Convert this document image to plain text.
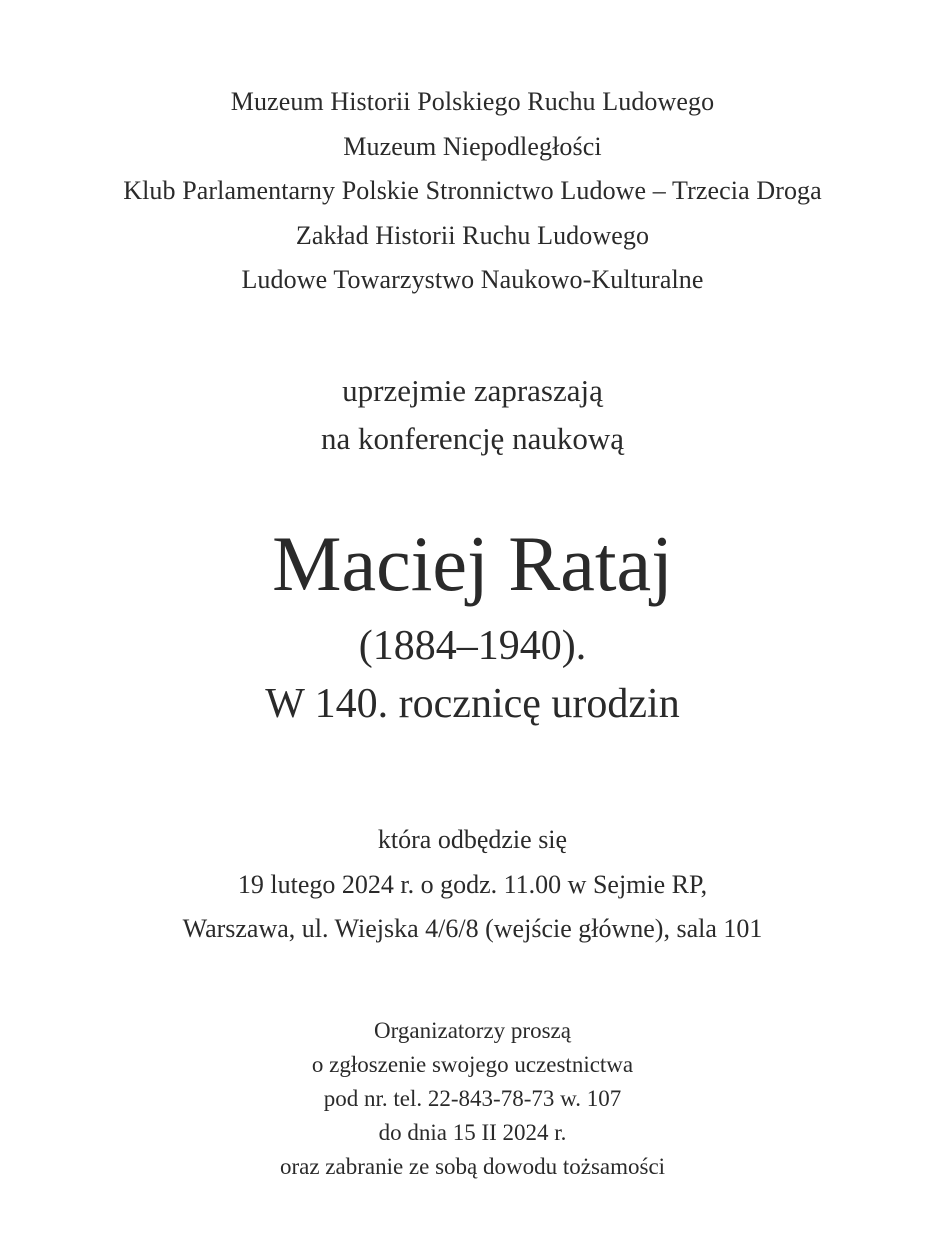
Muzeum Historii Polskiego Ruchu Ludowego
Muzeum Niepodległości
Klub Parlamentarny Polskie Stronnictwo Ludowe – Trzecia Droga
Zakład Historii Ruchu Ludowego
Ludowe Towarzystwo Naukowo-Kulturalne
uprzejmie zapraszają
na konferencję naukową
Maciej Rataj
(1884–1940).
W 140. rocznicę urodzin
która odbędzie się
19 lutego 2024 r. o godz. 11.00 w Sejmie RP,
Warszawa, ul. Wiejska 4/6/8 (wejście główne), sala 101
Organizatorzy proszą
o zgłoszenie swojego uczestnictwa
pod nr. tel. 22-843-78-73 w. 107
do dnia 15 II 2024 r.
oraz zabranie ze sobą dowodu tożsamości
